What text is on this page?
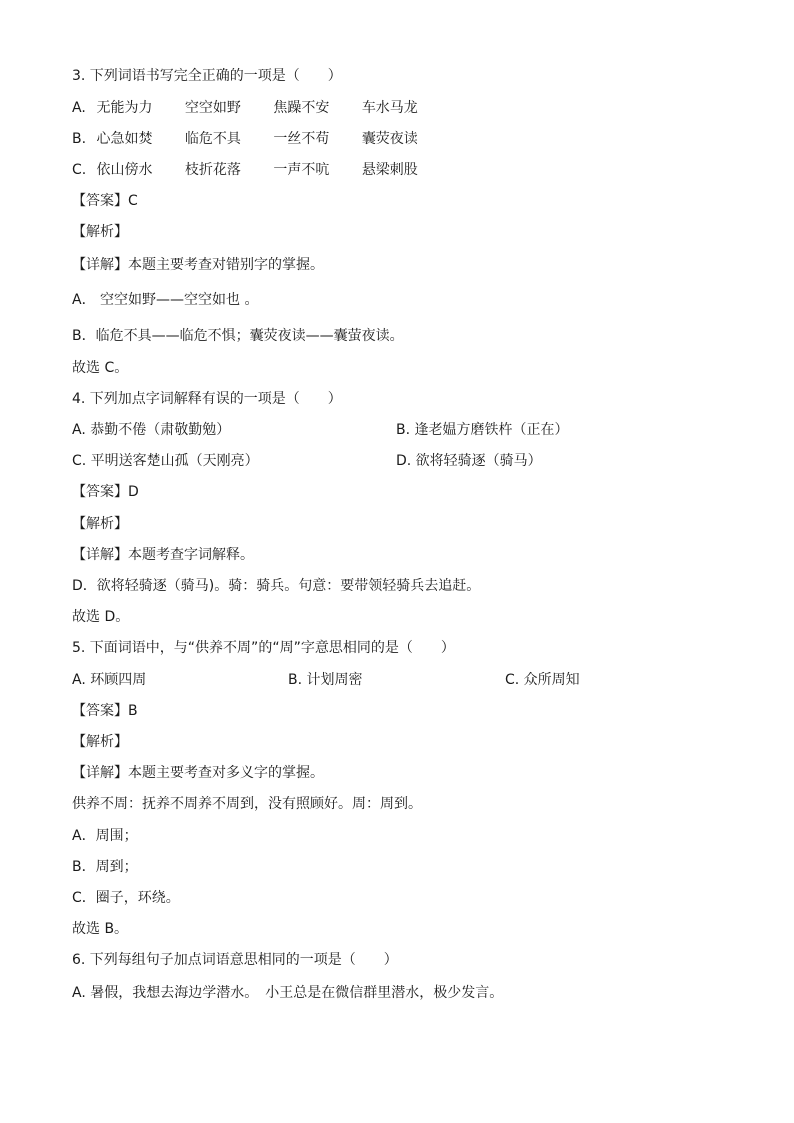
3. 下列词语书写完全正确的一项是（　　）
A. 无能为力 空空如野 焦躁不安 车水马龙
B. 心急如焚 临危不具 一丝不苟 囊荧夜读
C. 依山傍水 枝折花落 一声不吭 悬梁刺股
【答案】C
【解析】
【详解】本题主要考查对错别字的掌握。
A． 空空如野——空空如也 。
B．临危不具——临危不惧；囊荧夜读——囊萤夜读。
故选 C。
4. 下列加点字词解释有误的一项是（　　）
A. 恭勤不倦（肃敬勤勉）	B. 逢老媪方磨铁杵（正在）
C. 平明送客楚山孤（天刚亮）	D. 欲将轻骑逐（骑马）
【答案】D
【解析】
【详解】本题考查字词解释。
D．欲将轻骑逐（骑马)。骑：骑兵。句意：要带领轻骑兵去追赶。
故选 D。
5. 下面词语中，与“供养不周”的“周”字意思相同的是（　　）
A. 环顾四周	B. 计划周密	C. 众所周知
【答案】B
【解析】
【详解】本题主要考查对多义字的掌握。
供养不周：抚养不周养不周到，没有照顾好。周：周到。
A．周围；
B．周到；
C．圈子，环绕。
故选 B。
6. 下列每组句子加点词语意思相同的一项是（　　）
A. 暑假，我想去海边学潜水。　小王总是在微信群里潜水，极少发言。
